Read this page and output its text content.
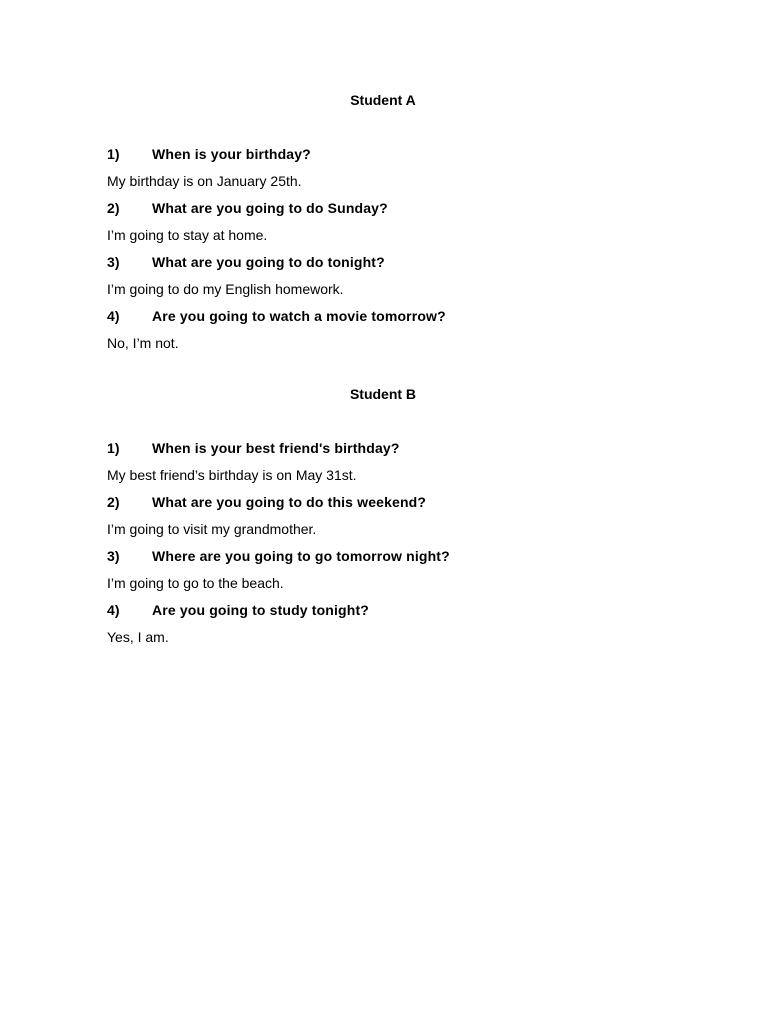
Student A
1)	When is your birthday?
My birthday is on January 25th.
2)	What are you going to do Sunday?
I’m going to stay at home.
3)	What are you going to do tonight?
I’m going to do my English homework.
4)	Are you going to watch a movie tomorrow?
No, I’m not.
Student B
1)	When is your best friend's birthday?
My best friend’s birthday is on May 31st.
2)	What are you going to do this weekend?
I’m going to visit my grandmother.
3)	Where are you going to go tomorrow night?
I’m going to go to the beach.
4)	Are you going to study tonight?
Yes, I am.
